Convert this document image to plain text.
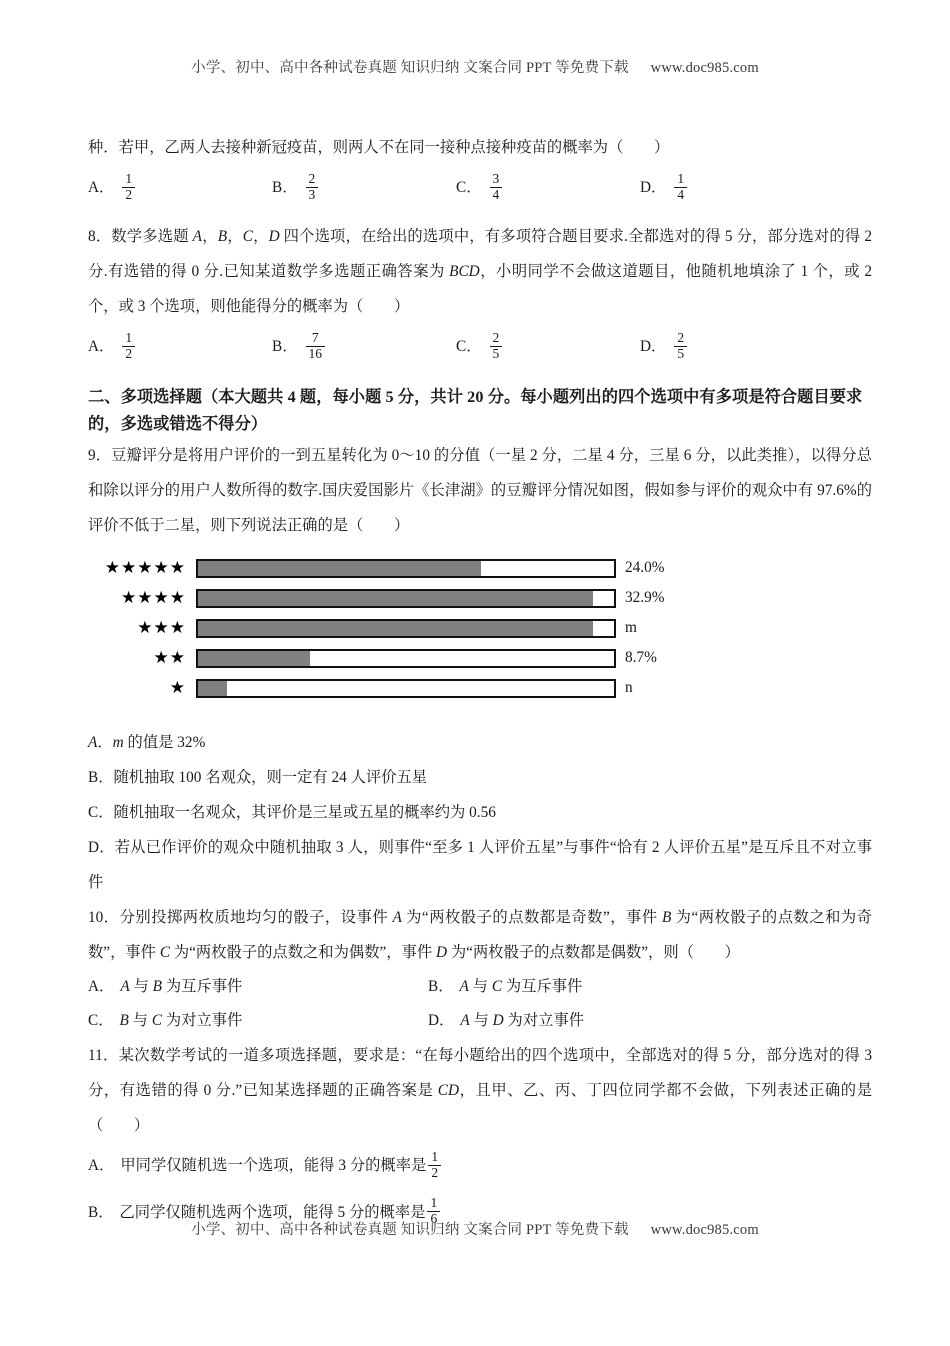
小学、初中、高中各种试卷真题 知识归纳 文案合同 PPT 等免费下载 www.doc985.com
种．若甲，乙两人去接种新冠疫苗，则两人不在同一接种点接种疫苗的概率为（　　）
A． $\frac{1}{2}$	B． $\frac{2}{3}$	C． $\frac{3}{4}$	D． $\frac{1}{4}$
8．数学多选题 A，B，C，D 四个选项，在给出的选项中，有多项符合题目要求.全都选对的得 5 分，部分选对的得 2 分.有选错的得 0 分.已知某道数学多选题正确答案为 BCD，小明同学不会做这道题目，他随机地填涂了 1 个，或 2 个，或 3 个选项，则他能得分的概率为（　　）
A． $\frac{1}{2}$	B． $\frac{7}{16}$	C． $\frac{2}{5}$	D． $\frac{2}{5}$
二、多项选择题（本大题共 4 题，每小题 5 分，共计 20 分。每小题列出的四个选项中有多项是符合题目要求的，多选或错选不得分）
9．豆瓣评分是将用户评价的一到五星转化为 0～10 的分值（一星 2 分，二星 4 分，三星 6 分，以此类推），以得分总和除以评分的用户人数所得的数字.国庆爱国影片《长津湖》的豆瓣评分情况如图，假如参与评价的观众中有 97.6%的评价不低于二星，则下列说法正确的是（　　）
★★★★★	24.0%
★★★★	32.9%
★★★	m
★★	8.7%
★	n
A．m 的值是 32%
B．随机抽取 100 名观众，则一定有 24 人评价五星
C．随机抽取一名观众，其评价是三星或五星的概率约为 0.56
D．若从已作评价的观众中随机抽取 3 人，则事件“至多 1 人评价五星”与事件“恰有 2 人评价五星”是互斥且不对立事件
10．分别投掷两枚质地均匀的骰子，设事件 A 为“两枚骰子的点数都是奇数”，事件 B 为“两枚骰子的点数之和为奇数”，事件 C 为“两枚骰子的点数之和为偶数”，事件 D 为“两枚骰子的点数都是偶数”，则（　　）
A． A 与 B 为互斥事件	B． A 与 C 为互斥事件
C． B 与 C 为对立事件	D． A 与 D 为对立事件
11．某次数学考试的一道多项选择题，要求是：“在每小题给出的四个选项中，全部选对的得 5 分，部分选对的得 3 分，有选错的得 0 分.”已知某选择题的正确答案是 CD，且甲、乙、丙、丁四位同学都不会做，下列表述正确的是（　　）
A． 甲同学仅随机选一个选项，能得 3 分的概率是 $\frac{1}{2}$
B． 乙同学仅随机选两个选项，能得 5 分的概率是 $\frac{1}{6}$
小学、初中、高中各种试卷真题 知识归纳 文案合同 PPT 等免费下载 www.doc985.com
